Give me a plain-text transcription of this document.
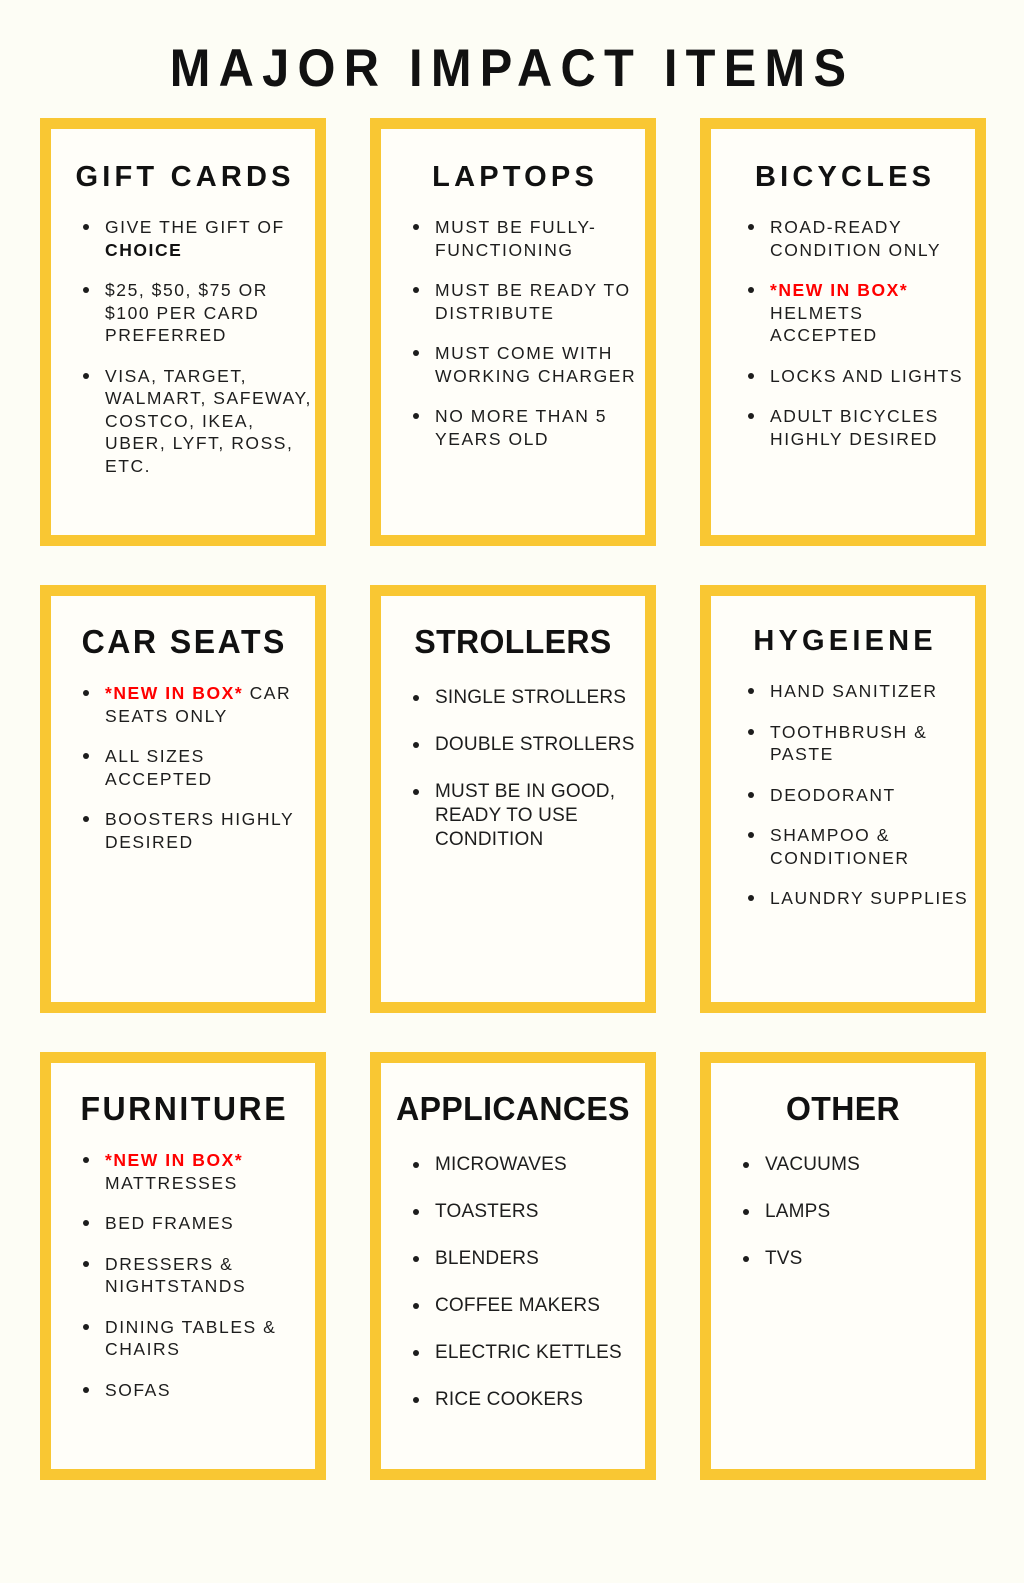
MAJOR IMPACT ITEMS
GIFT CARDS
GIVE THE GIFT OF CHOICE
$25, $50, $75 OR $100 PER CARD PREFERRED
VISA, TARGET, WALMART, SAFEWAY, COSTCO, IKEA, UBER, LYFT, ROSS, ETC.
LAPTOPS
MUST BE FULLY-FUNCTIONING
MUST BE READY TO DISTRIBUTE
MUST COME WITH WORKING CHARGER
NO MORE THAN 5 YEARS OLD
BICYCLES
ROAD-READY CONDITION ONLY
*NEW IN BOX* HELMETS ACCEPTED
LOCKS AND LIGHTS
ADULT BICYCLES HIGHLY DESIRED
CAR SEATS
*NEW IN BOX* CAR SEATS ONLY
ALL SIZES ACCEPTED
BOOSTERS HIGHLY DESIRED
STROLLERS
SINGLE STROLLERS
DOUBLE STROLLERS
MUST BE IN GOOD, READY TO USE CONDITION
HYGEIENE
HAND SANITIZER
TOOTHBRUSH & PASTE
DEODORANT
SHAMPOO & CONDITIONER
LAUNDRY SUPPLIES
FURNITURE
*NEW IN BOX* MATTRESSES
BED FRAMES
DRESSERS & NIGHTSTANDS
DINING TABLES & CHAIRS
SOFAS
APPLICANCES
MICROWAVES
TOASTERS
BLENDERS
COFFEE MAKERS
ELECTRIC KETTLES
RICE COOKERS
OTHER
VACUUMS
LAMPS
TVS
